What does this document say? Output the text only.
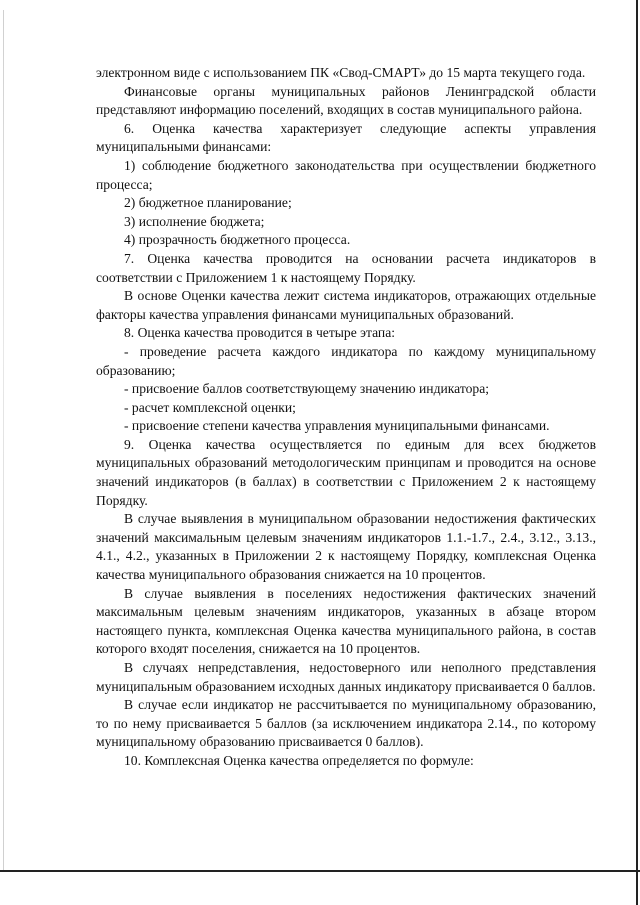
электронном виде с использованием ПК «Свод-СМАРТ» до 15 марта текущего года.

Финансовые органы муниципальных районов Ленинградской области представляют информацию поселений, входящих в состав муниципального района.

6. Оценка качества характеризует следующие аспекты управления муниципальными финансами:

1) соблюдение бюджетного законодательства при осуществлении бюджетного процесса;

2) бюджетное планирование;

3) исполнение бюджета;

4) прозрачность бюджетного процесса.

7. Оценка качества проводится на основании расчета индикаторов в соответствии с Приложением 1 к настоящему Порядку.

В основе Оценки качества лежит система индикаторов, отражающих отдельные факторы качества управления финансами муниципальных образований.

8. Оценка качества проводится в четыре этапа:

- проведение расчета каждого индикатора по каждому муниципальному образованию;

- присвоение баллов соответствующему значению индикатора;

- расчет комплексной оценки;

- присвоение степени качества управления муниципальными финансами.

9. Оценка качества осуществляется по единым для всех бюджетов муниципальных образований методологическим принципам и проводится на основе значений индикаторов (в баллах) в соответствии с Приложением 2 к настоящему Порядку.

В случае выявления в муниципальном образовании недостижения фактических значений максимальным целевым значениям индикаторов 1.1.-1.7., 2.4., 3.12., 3.13., 4.1., 4.2., указанных в Приложении 2 к настоящему Порядку, комплексная Оценка качества муниципального образования снижается на 10 процентов.

В случае выявления в поселениях недостижения фактических значений максимальным целевым значениям индикаторов, указанных в абзаце втором настоящего пункта, комплексная Оценка качества муниципального района, в состав которого входят поселения, снижается на 10 процентов.

В случаях непредставления, недостоверного или неполного представления муниципальным образованием исходных данных индикатору присваивается 0 баллов.

В случае если индикатор не рассчитывается по муниципальному образованию, то по нему присваивается 5 баллов (за исключением индикатора 2.14., по которому муниципальному образованию присваивается 0 баллов).

10. Комплексная Оценка качества определяется по формуле:
